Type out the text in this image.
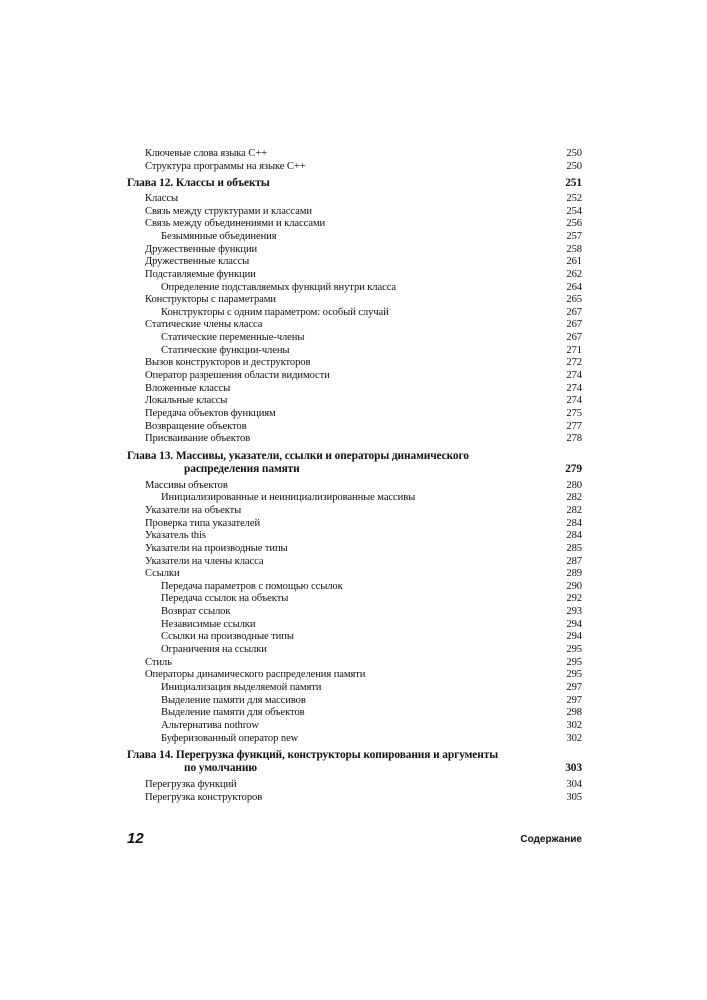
Ключевые слова языка С++	250
Структура программы на языке С++	250
Глава 12. Классы и объекты	251
Классы	252
Связь между структурами и классами	254
Связь между объединениями и классами	256
Безымянные объединения	257
Дружественные функции	258
Дружественные классы	261
Подставляемые функции	262
Определение подставляемых функций внутри класса	264
Конструкторы с параметрами	265
Конструкторы с одним параметром: особый случай	267
Статические члены класса	267
Статические переменные-члены	267
Статические функции-члены	271
Вызов конструкторов и деструкторов	272
Оператор разрешения области видимости	274
Вложенные классы	274
Локальные классы	274
Передача объектов функциям	275
Возвращение объектов	277
Присваивание объектов	278
Глава 13. Массивы, указатели, ссылки и операторы динамического
распределения памяти	279
Массивы объектов	280
Инициализированные и неинициализированные массивы	282
Указатели на объекты	282
Проверка типа указателей	284
Указатель this	284
Указатели на производные типы	285
Указатели на члены класса	287
Ссылки	289
Передача параметров с помощью ссылок	290
Передача ссылок на объекты	292
Возврат ссылок	293
Независимые ссылки	294
Ссылки на производные типы	294
Ограничения на ссылки	295
Стиль	295
Операторы динамического распределения памяти	295
Инициализация выделяемой памяти	297
Выделение памяти для массивов	297
Выделение памяти для объектов	298
Альтернатива nothrow	302
Буферизованный оператор new	302
Глава 14. Перегрузка функций, конструкторы копирования и аргументы
по умолчанию	303
Перегрузка функций	304
Перегрузка конструкторов	305
12	Содержание
